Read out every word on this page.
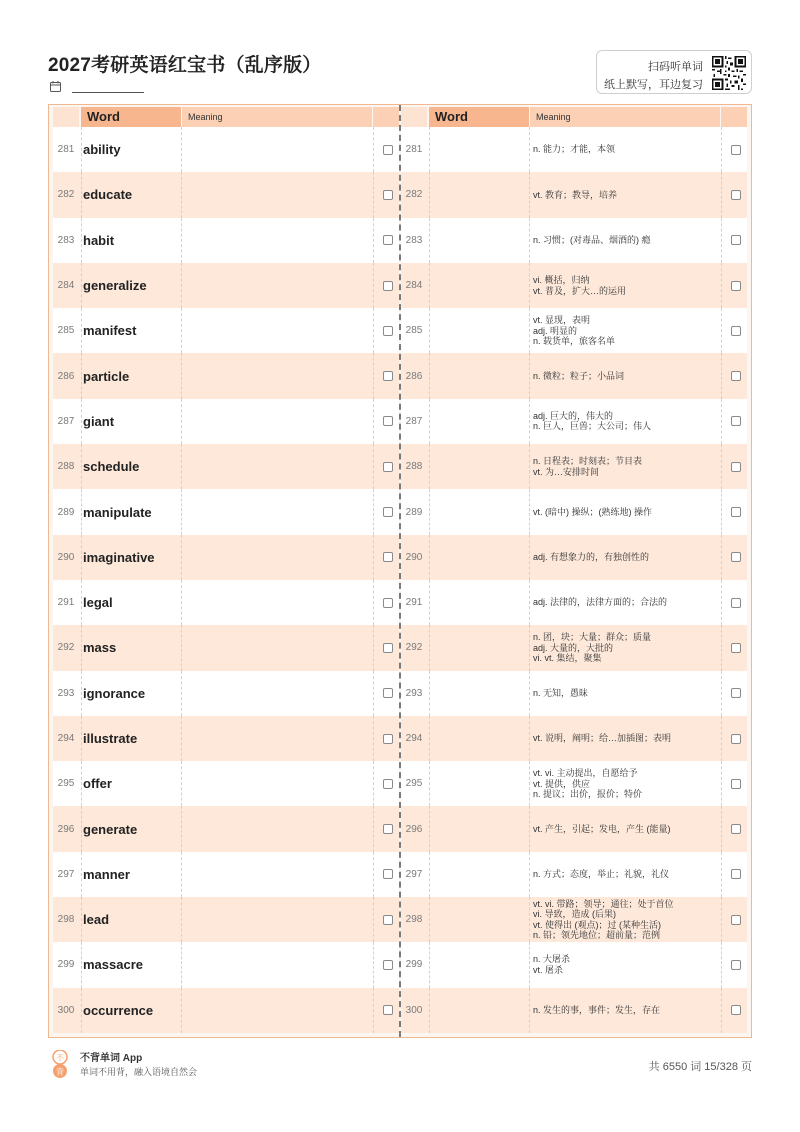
2027考研英语红宝书（乱序版）	扫码听单词
纸上默写，耳边复习
Word	Meaning
281 ability
282 educate
283 habit
284 generalize
285 manifest
286 particle
287 giant
288 schedule
289 manipulate
290 imaginative
291 legal
292 mass
293 ignorance
294 illustrate
295 offer
296 generate
297 manner
298 lead
299 massacre
300 occurrence
Word	Meaning
281	n. 能力；才能，本领
282	vt. 教育；教导，培养
283	n. 习惯；(对毒品、烟酒的) 瘾
284	vi. 概括，归纳
vt. 普及，扩大…的运用
285
vt. 显现，表明
adj. 明显的
n. 载货单，旅客名单
286	n. 微粒；粒子；小品词
287	adj. 巨大的，伟大的
n. 巨人，巨兽；大公司；伟人
288	n. 日程表；时刻表；节目表
vt. 为…安排时间
289	vt. (暗中) 操纵；(熟练地) 操作
290	adj. 有想象力的，有独创性的
291	adj. 法律的，法律方面的；合法的
292
n. 团，块；大量；群众；质量
adj. 大量的，大批的
vi. vt. 集结，聚集
293	n. 无知，愚昧
294	vt. 说明，阐明；给…加插图；表明
295
vt. vi. 主动提出，自愿给予
vt. 提供，供应
n. 提议；出价，报价；特价
296	vt. 产生，引起；发电，产生 (能量)
297	n. 方式；态度，举止；礼貌，礼仪
298
vt. vi. 带路；领导；通往；处于首位
vi. 导致，造成 (后果)
vt. 使得出 (观点)；过 (某种生活)
n. 铅；领先地位；超前量；范例
299	n. 大屠杀
vt. 屠杀
300	n. 发生的事，事件；发生，存在
不
背
不背单词 App
单词不用背，融入语境自然会	共 6550 词 15/328 页
